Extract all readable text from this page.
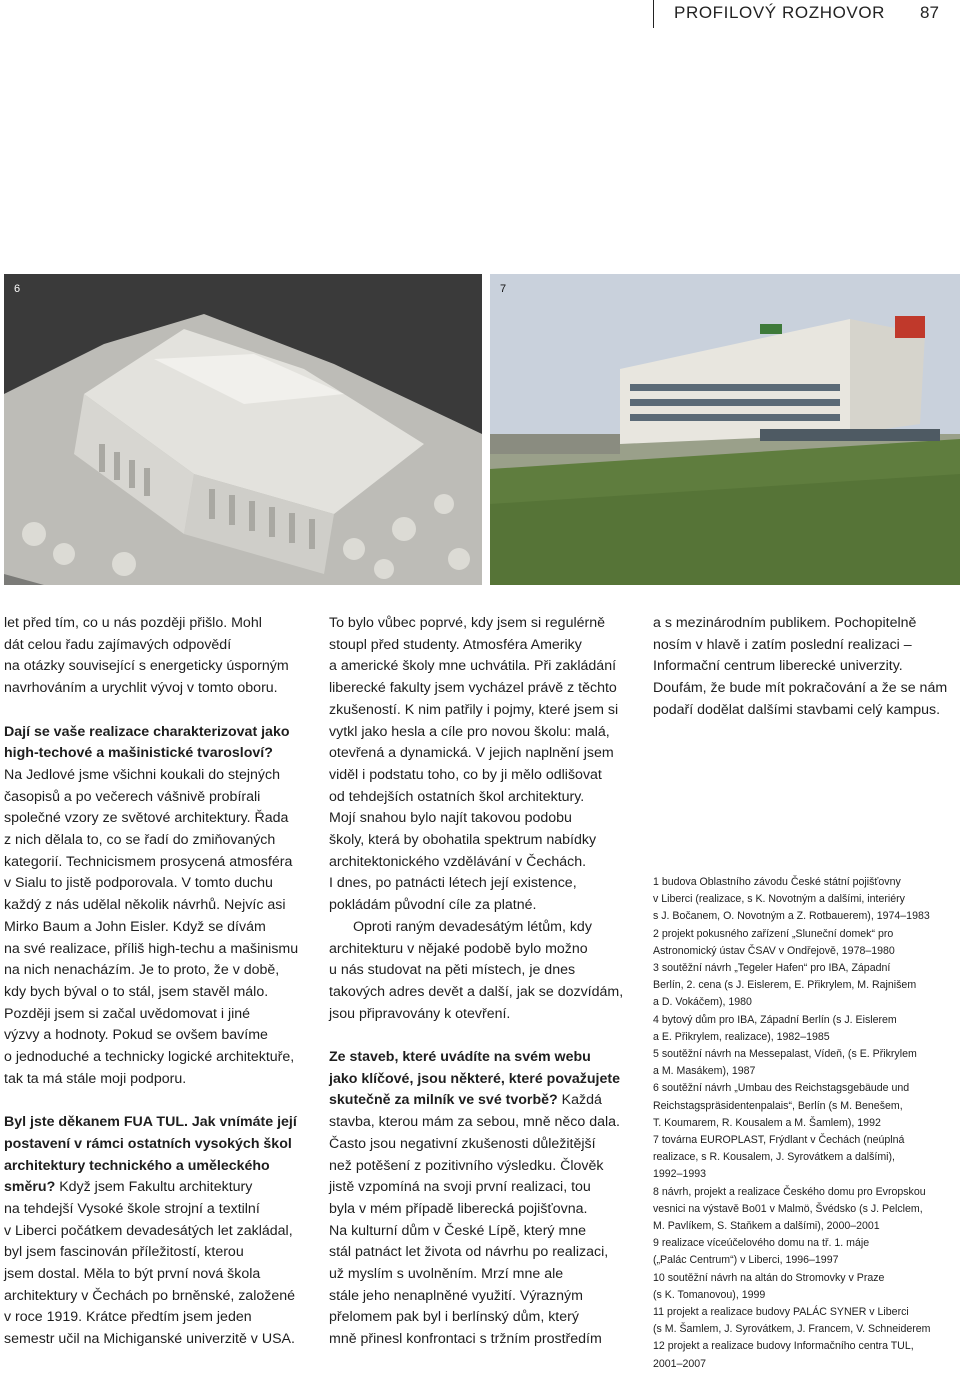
PROFILOVÝ ROZHOVOR 87
6	7

let před tím, co u nás později přišlo. Mohl
dát celou řadu zajímavých odpovědí
na otázky související s energeticky úsporným
navrhováním a urychlit vývoj v tomto oboru.

Dají se vaše realizace charakterizovat jako
high-techové a mašinistické tvarosloví?

Na Jedlové jsme všichni koukali do stejných
časopisů a po večerech vášnivě probírali
společné vzory ze světové architektury. Řada
z nich dělala to, co se řadí do zmiňovaných
kategorií. Technicismem prosycená atmosféra
v Sialu to jistě podporovala. V tomto duchu
každý z nás udělal několik návrhů. Nejvíc asi
Mirko Baum a John Eisler. Když se dívám
na své realizace, příliš high-techu a mašinismu
na nich nenacházím. Je to proto, že v době,
kdy bych býval o to stál, jsem stavěl málo.
Později jsem si začal uvědomovat i jiné
výzvy a hodnoty. Pokud se ovšem bavíme
o jednoduché a technicky logické architektuře,
tak ta má stále moji podporu.

Byl jste děkanem FUA TUL. Jak vnímáte její
postavení v rámci ostatních vysokých škol
architektury technického a uměleckého
směru? Když jsem Fakultu architektury
na tehdejší Vysoké škole strojní a textilní
v Liberci počátkem devadesátých let zakládal,
byl jsem fascinován příležitostí, kterou
jsem dostal. Měla to být první nová škola
architektury v Čechách po brněnské, založené
v roce 1919. Krátce předtím jsem jeden
semestr učil na Michiganské univerzitě v USA.

To bylo vůbec poprvé, kdy jsem si regulérně
stoupl před studenty. Atmosféra Ameriky
a americké školy mne uchvátila. Při zakládání
liberecké fakulty jsem vycházel právě z těchto
zkušeností. K nim patřily i pojmy, které jsem si
vytkl jako hesla a cíle pro novou školu: malá,
otevřená a dynamická. V jejich naplnění jsem
viděl i podstatu toho, co by ji mělo odlišovat
od tehdejších ostatních škol architektury.
Mojí snahou bylo najít takovou podobu
školy, která by obohatila spektrum nabídky
architektonického vzdělávání v Čechách.
I dnes, po patnácti létech její existence,
pokládám původní cíle za platné.

Oproti raným devadesátým létům, kdy
architekturu v nějaké podobě bylo možno
u nás studovat na pěti místech, je dnes
takových adres devět a další, jak se dozvídám,
jsou připravovány k otevření.

Ze staveb, které uvádíte na svém webu
jako klíčové, jsou některé, které považujete
skutečně za milník ve své tvorbě? Každá
stavba, kterou mám za sebou, mně něco dala.
Často jsou negativní zkušenosti důležitější
než potěšení z pozitivního výsledku. Člověk
jistě vzpomíná na svoji první realizaci, tou
byla v mém případě liberecká pojišťovna.
Na kulturní dům v České Lípě, který mne
stál patnáct let života od návrhu po realizaci,
už myslím s uvolněním. Mrzí mne ale
stále jeho nenaplněné využití. Výrazným
přelomem pak byl i berlínský dům, který
mně přinesl konfrontaci s tržním prostředím

a s mezinárodním publikem. Pochopitelně
nosím v hlavě i zatím poslední realizaci –
Informační centrum liberecké univerzity.
Doufám, že bude mít pokračování a že se nám
podaří dodělat dalšími stavbami celý kampus.

1 budova Oblastního závodu České státní pojišťovny
v Liberci (realizace, s K. Novotným a dalšími, interiéry
s J. Bočanem, O. Novotným a Z. Rotbauerem), 1974–1983

2 projekt pokusného zařízení „Sluneční domek“ pro
Astronomický ústav ČSAV v Ondřejově, 1978–1980

3 soutěžní návrh „Tegeler Hafen“ pro IBA, Západní
Berlín, 2. cena (s J. Eislerem, E. Přikrylem, M. Rajnišem
a D. Vokáčem), 1980

4 bytový dům pro IBA, Západní Berlín (s J. Eislerem
a E. Přikrylem, realizace), 1982–1985

5 soutěžní návrh na Messepalast, Vídeň, (s E. Přikrylem
a M. Masákem), 1987

6 soutěžní návrh „Umbau des Reichstagsgebäude und
Reichstagspräsidentenpalais“, Berlín (s M. Benešem,
T. Koumarem, R. Kousalem a M. Šamlem), 1992

7 továrna EUROPLAST, Frýdlant v Čechách (neúplná
realizace, s R. Kousalem, J. Syrovátkem a dalšími),
1992–1993

8 návrh, projekt a realizace Českého domu pro Evropskou
vesnici na výstavě Bo01 v Malmö, Švédsko (s J. Pelclem,
M. Pavlíkem, S. Staňkem a dalšími), 2000–2001

9 realizace víceúčelového domu na tř. 1. máje
(„Palác Centrum“) v Liberci, 1996–1997

10 soutěžní návrh na altán do Stromovky v Praze
(s K. Tomanovou), 1999

11 projekt a realizace budovy PALÁC SYNER v Liberci
(s M. Šamlem, J. Syrovátkem, J. Francem, V. Schneiderem

12 projekt a realizace budovy Informačního centra TUL,
2001–2007
